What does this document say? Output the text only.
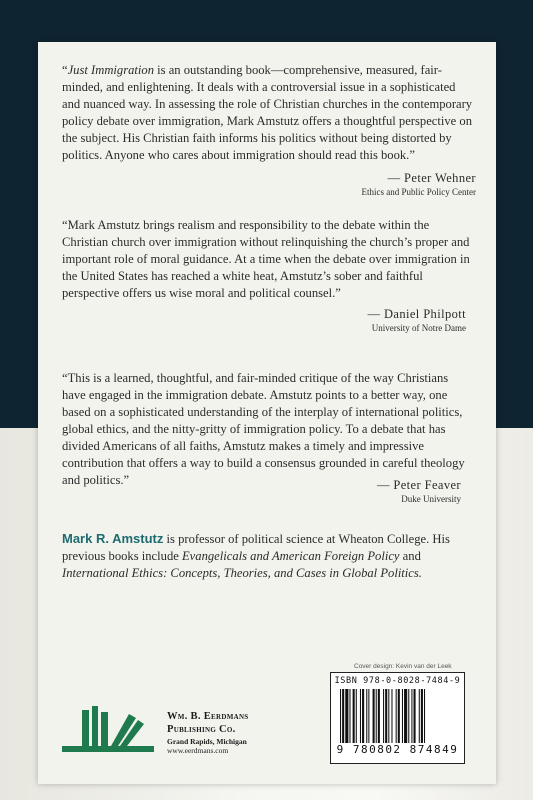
“Just Immigration is an outstanding book—comprehensive, measured, fair-minded, and enlightening. It deals with a controversial issue in a sophisticated and nuanced way. In assessing the role of Christian churches in the contemporary policy debate over immigration, Mark Amstutz offers a thoughtful perspective on the subject. His Christian faith informs his politics without being distorted by politics. Anyone who cares about immigration should read this book.”

— Peter Wehner
Ethics and Public Policy Center

“Mark Amstutz brings realism and responsibility to the debate within the Christian church over immigration without relinquishing the church’s proper and important role of moral guidance. At a time when the debate over immigration in the United States has reached a white heat, Amstutz’s sober and faithful perspective offers us wise moral and political counsel.”

— Daniel Philpott
University of Notre Dame

“This is a learned, thoughtful, and fair-minded critique of the way Christians have engaged in the immigration debate. Amstutz points to a better way, one based on a sophisticated understanding of the interplay of international politics, global ethics, and the nitty-gritty of immigration policy. To a debate that has divided Americans of all faiths, Amstutz makes a timely and impressive contribution that offers a way to build a consensus grounded in careful theology and politics.”	— Peter Feaver
Duke University

Mark R. Amstutz is professor of political science at Wheaton College. His previous books include Evangelicals and American Foreign Policy and International Ethics: Concepts, Theories, and Cases in Global Politics.

Cover design: Kevin van der Leek
Wm. B. Eerdmans
Publishing Co.
Grand Rapids, Michigan
www.eerdmans.com
ISBN 978-0-8028-7484-9
9 780802 874849
